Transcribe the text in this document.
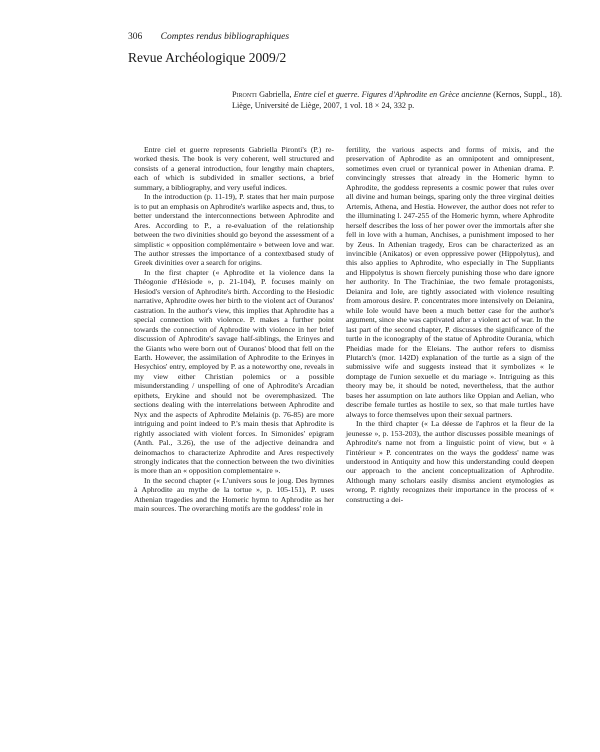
306 Comptes rendus bibliographiques
Revue Archéologique 2009/2
Pironti Gabriella, Entre ciel et guerre. Figures d'Aphrodite en Grèce ancienne (Kernos, Suppl., 18). Liège, Université de Liège, 2007, 1 vol. 18 × 24, 332 p.

Entre ciel et guerre represents Gabriella Pironti's (P.) re-worked thesis. The book is very coherent, well structured and consists of a general introduction, four lengthy main chapters, each of which is subdivided in smaller sections, a brief summary, a bibliography, and very useful indices.

In the introduction (p. 11-19), P. states that her main purpose is to put an emphasis on Aphrodite's warlike aspects and, thus, to better understand the interconnections between Aphrodite and Ares. According to P., a re-evaluation of the relationship between the two divinities should go beyond the assessment of a simplistic « opposition complémentaire » between love and war. The author stresses the importance of a contextbased study of Greek divinities over a search for origins.

In the first chapter (« Aphrodite et la violence dans la Théogonie d'Hésiode », p. 21-104), P. focuses mainly on Hesiod's version of Aphrodite's birth. According to the Hesiodic narrative, Aphrodite owes her birth to the violent act of Ouranos' castration. In the author's view, this implies that Aphrodite has a special connection with violence. P. makes a further point towards the connection of Aphrodite with violence in her brief discussion of Aphrodite's savage half-siblings, the Erinyes and the Giants who were born out of Ouranos' blood that fell on the Earth. However, the assimilation of Aphrodite to the Erinyes in Hesychios' entry, employed by P. as a noteworthy one, reveals in my view either Christian polemics or a possible misunderstanding / unspelling of one of Aphrodite's Arcadian epithets, Erykine and should not be overemphasized. The sections dealing with the interrelations between Aphrodite and Nyx and the aspects of Aphrodite Melainis (p. 76-85) are more intriguing and point indeed to P.'s main thesis that Aphrodite is rightly associated with violent forces. In Simonides' epigram (Anth. Pal., 3.26), the use of the adjective deinandra and deinomachos to characterize Aphrodite and Ares respectively strongly indicates that the connection between the two divinities is more than an « opposition complementaire ».

In the second chapter (« L'univers sous le joug. Des hymnes à Aphrodite au mythe de la tortue », p. 105-151), P. uses Athenian tragedies and the Homeric hymn to Aphrodite as her main sources. The overarching motifs are the goddess' role in

fertility, the various aspects and forms of mixis, and the preservation of Aphrodite as an omnipotent and omnipresent, sometimes even cruel or tyrannical power in Athenian drama. P. convincingly stresses that already in the Homeric hymn to Aphrodite, the goddess represents a cosmic power that rules over all divine and human beings, sparing only the three virginal deities Artemis, Athena, and Hestia. However, the author does not refer to the illuminating l. 247-255 of the Homeric hymn, where Aphrodite herself describes the loss of her power over the immortals after she fell in love with a human, Anchises, a punishment imposed to her by Zeus. In Athenian tragedy, Eros can be characterized as an invincible (Anikatos) or even oppressive power (Hippolytus), and this also applies to Aphrodite, who especially in The Suppliants and Hippolytus is shown fiercely punishing those who dare ignore her authority. In The Trachiniae, the two female protagonists, Deianira and Iole, are tightly associated with violence resulting from amorous desire. P. concentrates more intensively on Deianira, while Iole would have been a much better case for the author's argument, since she was captivated after a violent act of war. In the last part of the second chapter, P. discusses the significance of the turtle in the iconography of the statue of Aphrodite Ourania, which Pheidias made for the Eleians. The author refers to dismiss Plutarch's (mor. 142D) explanation of the turtle as a sign of the submissive wife and suggests instead that it symbolizes « le domptage de l'union sexuelle et du mariage ». Intriguing as this theory may be, it should be noted, nevertheless, that the author bases her assumption on late authors like Oppian and Aelian, who describe female turtles as hostile to sex, so that male turtles have always to force themselves upon their sexual partners.

In the third chapter (« La déesse de l'aphros et la fleur de la jeunesse », p. 153-203), the author discusses possible meanings of Aphrodite's name not from a linguistic point of view, but « à l'intérieur » P. concentrates on the ways the goddess' name was understood in Antiquity and how this understanding could deepen our approach to the ancient conceptualization of Aphrodite. Although many scholars easily dismiss ancient etymologies as wrong, P. rightly recognizes their importance in the process of « constructing a dei-
